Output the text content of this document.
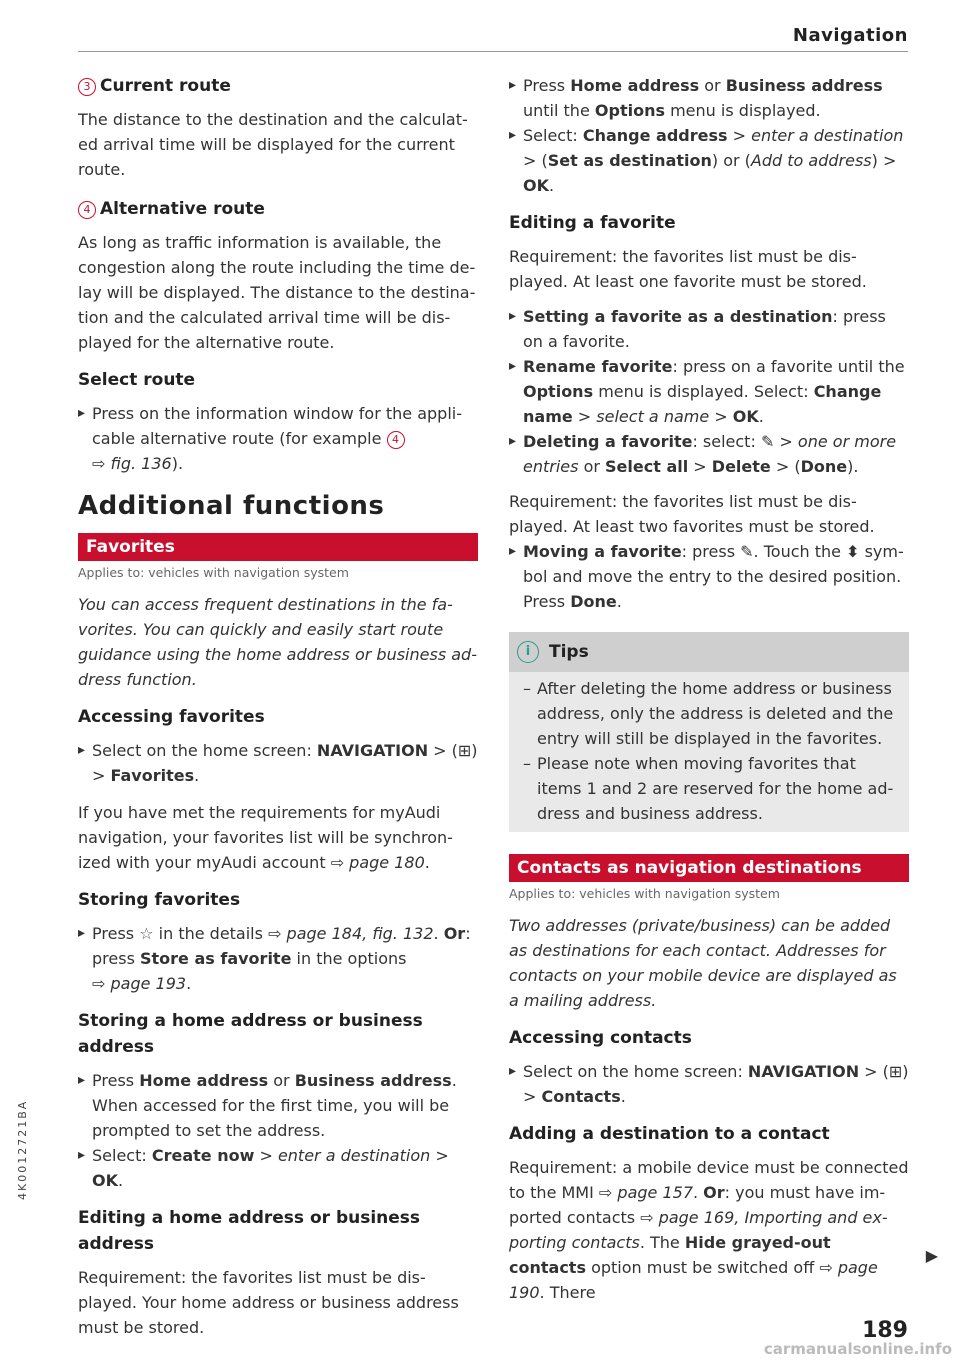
Navigation
3 Current route

The distance to the destination and the calculat-ed arrival time will be displayed for the current route.

4 Alternative route

As long as traffic information is available, the congestion along the route including the time de-lay will be displayed. The distance to the destina-tion and the calculated arrival time will be dis-played for the alternative route.

Select route

▸ Press on the information window for the appli-cable alternative route (for example 4
⇨ fig. 136).

Additional functions
Favorites

Applies to: vehicles with navigation system

You can access frequent destinations in the fa-vorites. You can quickly and easily start route guidance using the home address or business ad-dress function.

Accessing favorites

▸ Select on the home screen: NAVIGATION > (⊞)
> Favorites.

If you have met the requirements for myAudi navigation, your favorites list will be synchron-ized with your myAudi account ⇨ page 180.

Storing favorites

▸ Press ☆ in the details ⇨ page 184, fig. 132. Or: press Store as favorite in the options
⇨ page 193.

Storing a home address or business address

▸ Press Home address or Business address. When accessed for the first time, you will be prompted to set the address.

▸ Select: Create now > enter a destination > OK.

Editing a home address or business address

Requirement: the favorites list must be dis-played. Your home address or business address must be stored.

▸ Press Home address or Business address until the Options menu is displayed.

▸ Select: Change address > enter a destination > (Set as destination) or (Add to address) > OK.

Editing a favorite

Requirement: the favorites list must be dis-played. At least one favorite must be stored.

▸ Setting a favorite as a destination: press on a favorite.

▸ Rename favorite: press on a favorite until the Options menu is displayed. Select: Change name > select a name > OK.

▸ Deleting a favorite: select: ✎ > one or more entries or Select all > Delete > (Done).

Requirement: the favorites list must be dis-played. At least two favorites must be stored.

▸ Moving a favorite: press ✎. Touch the ⬍ sym-bol and move the entry to the desired position. Press Done.

i Tips

– After deleting the home address or business address, only the address is deleted and the entry will still be displayed in the favorites.

– Please note when moving favorites that items 1 and 2 are reserved for the home ad-dress and business address.

Contacts as navigation destinations

Applies to: vehicles with navigation system

Two addresses (private/business) can be added as destinations for each contact. Addresses for contacts on your mobile device are displayed as a mailing address.

Accessing contacts

▸ Select on the home screen: NAVIGATION > (⊞)
> Contacts.

Adding a destination to a contact

Requirement: a mobile device must be connected to the MMI ⇨ page 157. Or: you must have im-ported contacts ⇨ page 169, Importing and ex-porting contacts. The Hide grayed-out contacts option must be switched off ⇨ page 190. There

▶
4K0012721BA
189
carmanualsonline.info
